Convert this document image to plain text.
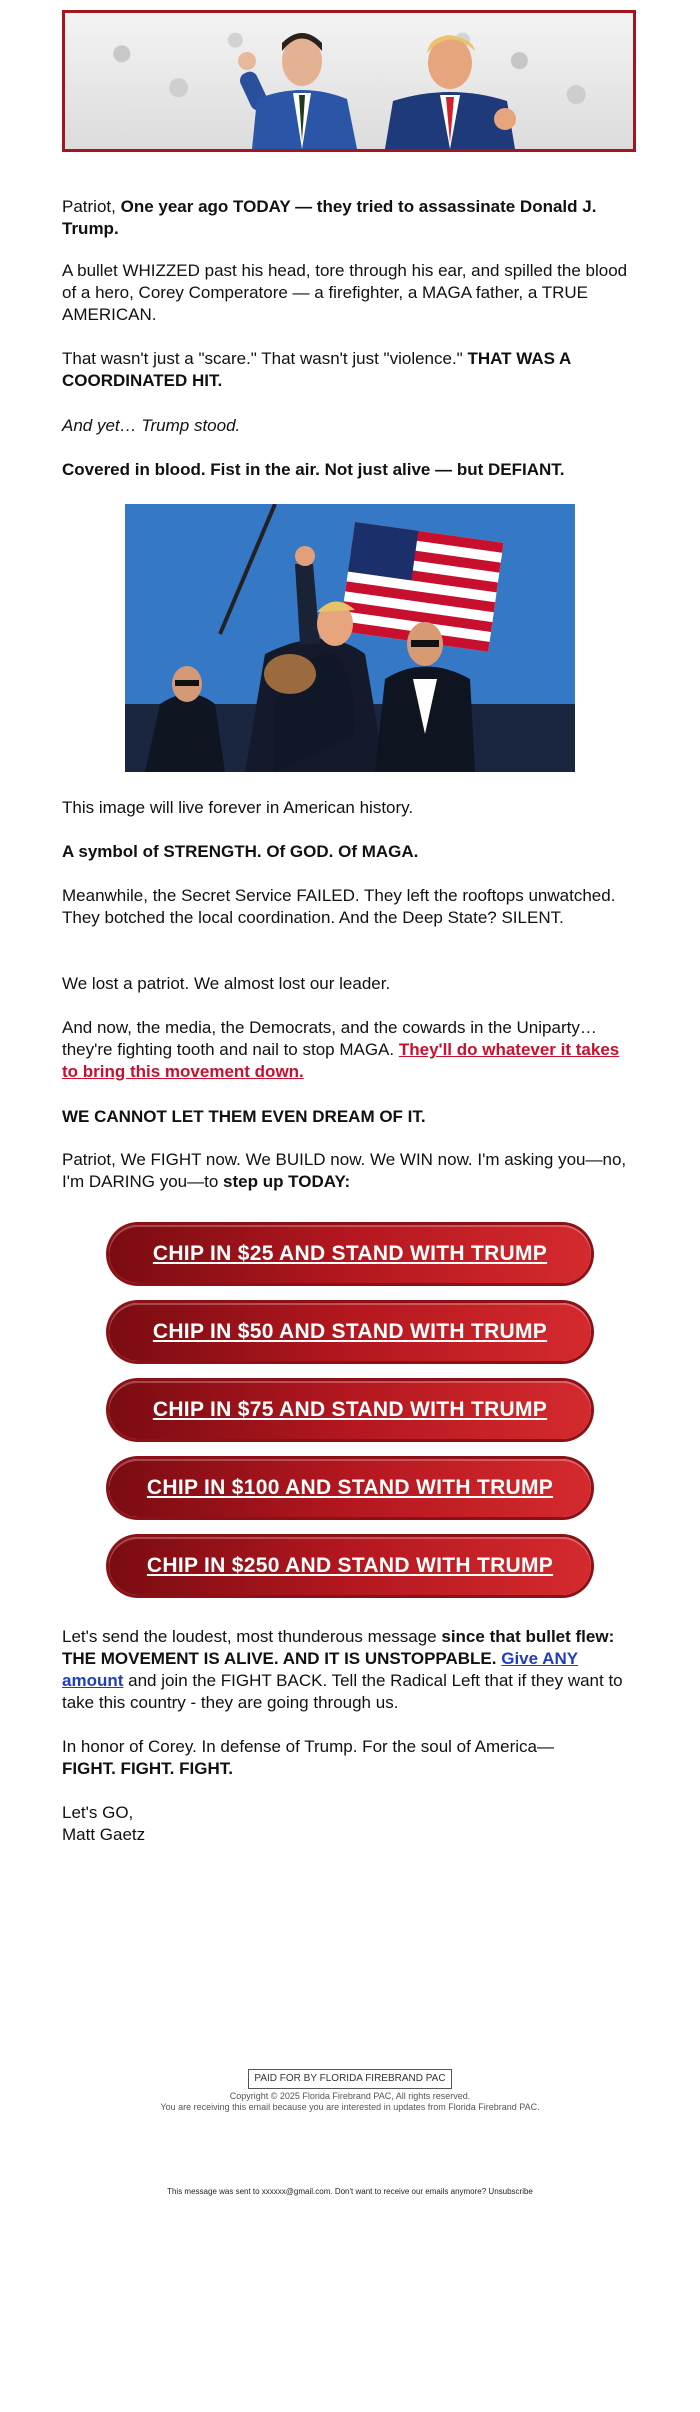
Patriot, One year ago TODAY — they tried to assassinate Donald J. Trump.

A bullet WHIZZED past his head, tore through his ear, and spilled the blood of a hero, Corey Comperatore — a firefighter, a MAGA father, a TRUE AMERICAN.

That wasn't just a "scare." That wasn't just "violence." THAT WAS A COORDINATED HIT.

And yet… Trump stood.

Covered in blood. Fist in the air. Not just alive — but DEFIANT.

This image will live forever in American history.

A symbol of STRENGTH. Of GOD. Of MAGA.

Meanwhile, the Secret Service FAILED. They left the rooftops unwatched. They botched the local coordination. And the Deep State? SILENT.

We lost a patriot. We almost lost our leader.

And now, the media, the Democrats, and the cowards in the Uniparty… they're fighting tooth and nail to stop MAGA. They'll do whatever it takes to bring this movement down.

WE CANNOT LET THEM EVEN DREAM OF IT.

Patriot, We FIGHT now. We BUILD now. We WIN now. I'm asking you—no, I'm DARING you—to step up TODAY:

CHIP IN $25 AND STAND WITH TRUMP
CHIP IN $50 AND STAND WITH TRUMP
CHIP IN $75 AND STAND WITH TRUMP
CHIP IN $100 AND STAND WITH TRUMP
CHIP IN $250 AND STAND WITH TRUMP

Let's send the loudest, most thunderous message since that bullet flew: THE MOVEMENT IS ALIVE. AND IT IS UNSTOPPABLE. Give ANY amount and join the FIGHT BACK. Tell the Radical Left that if they want to take this country - they are going through us.

In honor of Corey. In defense of Trump. For the soul of America—
FIGHT. FIGHT. FIGHT.

Let's GO,

Matt Gaetz

PAID FOR BY FLORIDA FIREBRAND PAC
Copyright © 2025 Florida Firebrand PAC, All rights reserved.
You are receiving this email because you are interested in updates from Florida Firebrand PAC.
This message was sent to xxxxxx@gmail.com. Don't want to receive our emails anymore? Unsubscribe
